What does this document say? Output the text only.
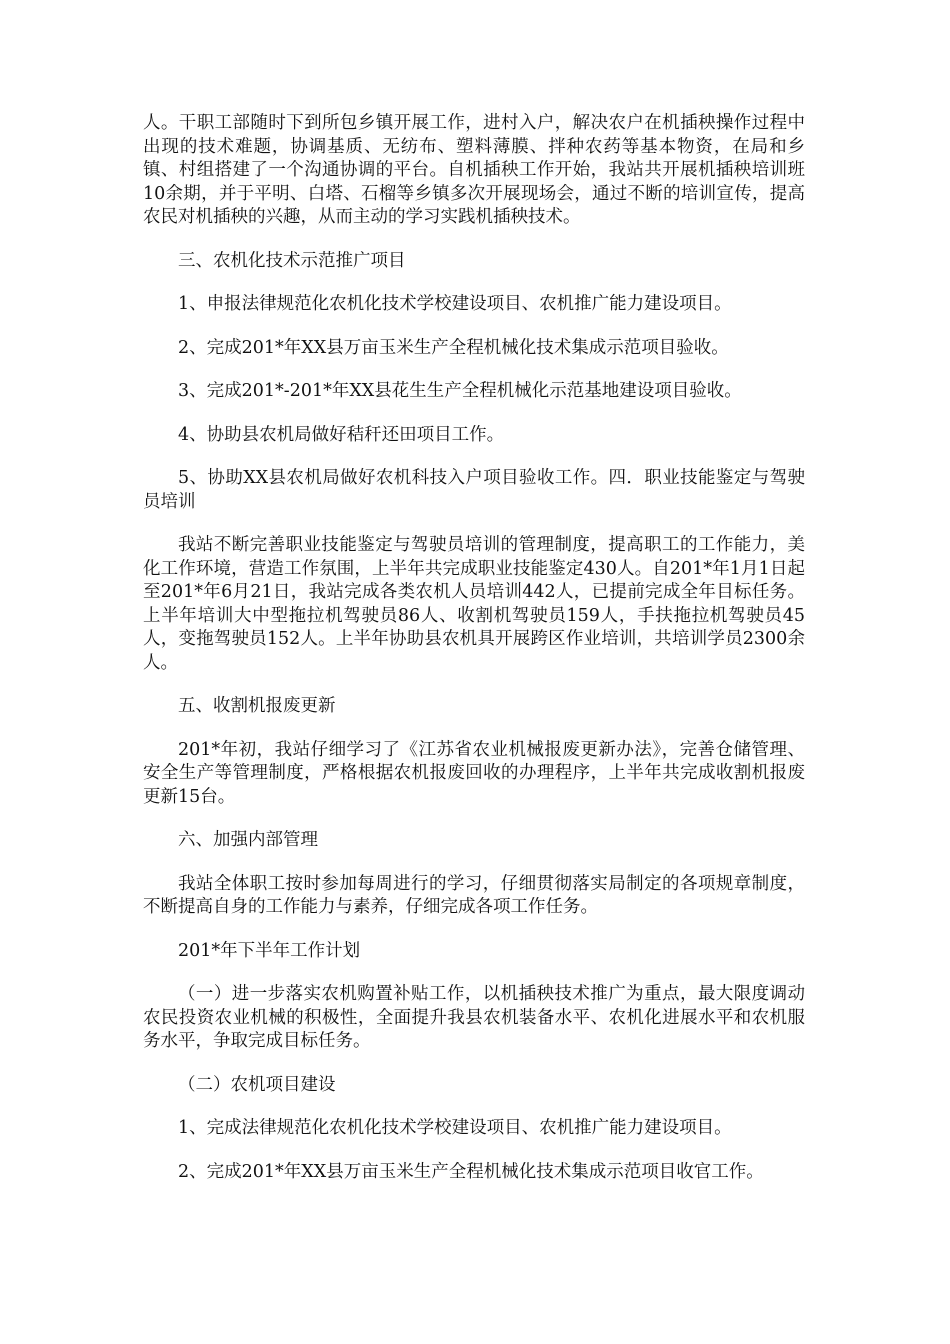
人。干职工部随时下到所包乡镇开展工作，进村入户，解决农户在机插秧操作过程中出现的技术难题，协调基质、无纺布、塑料薄膜、拌种农药等基本物资，在局和乡镇、村组搭建了一个沟通协调的平台。自机插秧工作开始，我站共开展机插秧培训班10余期，并于平明、白塔、石榴等乡镇多次开展现场会，通过不断的培训宣传，提高农民对机插秧的兴趣，从而主动的学习实践机插秧技术。

三、农机化技术示范推广项目

1、申报法律规范化农机化技术学校建设项目、农机推广能力建设项目。

2、完成201*年XX县万亩玉米生产全程机械化技术集成示范项目验收。

3、完成201*-201*年XX县花生生产全程机械化示范基地建设项目验收。

4、协助县农机局做好秸秆还田项目工作。

5、协助XX县农机局做好农机科技入户项目验收工作。四．职业技能鉴定与驾驶员培训

我站不断完善职业技能鉴定与驾驶员培训的管理制度，提高职工的工作能力，美化工作环境，营造工作氛围，上半年共完成职业技能鉴定430人。自201*年1月1日起至201*年6月21日，我站完成各类农机人员培训442人，已提前完成全年目标任务。上半年培训大中型拖拉机驾驶员86人、收割机驾驶员159人，手扶拖拉机驾驶员45人，变拖驾驶员152人。上半年协助县农机具开展跨区作业培训，共培训学员2300余人。

五、收割机报废更新

201*年初，我站仔细学习了《江苏省农业机械报废更新办法》，完善仓储管理、安全生产等管理制度，严格根据农机报废回收的办理程序，上半年共完成收割机报废更新15台。

六、加强内部管理

我站全体职工按时参加每周进行的学习，仔细贯彻落实局制定的各项规章制度，不断提高自身的工作能力与素养，仔细完成各项工作任务。

201*年下半年工作计划

（一）进一步落实农机购置补贴工作，以机插秧技术推广为重点，最大限度调动农民投资农业机械的积极性，全面提升我县农机装备水平、农机化进展水平和农机服务水平，争取完成目标任务。

（二）农机项目建设

1、完成法律规范化农机化技术学校建设项目、农机推广能力建设项目。

2、完成201*年XX县万亩玉米生产全程机械化技术集成示范项目收官工作。
